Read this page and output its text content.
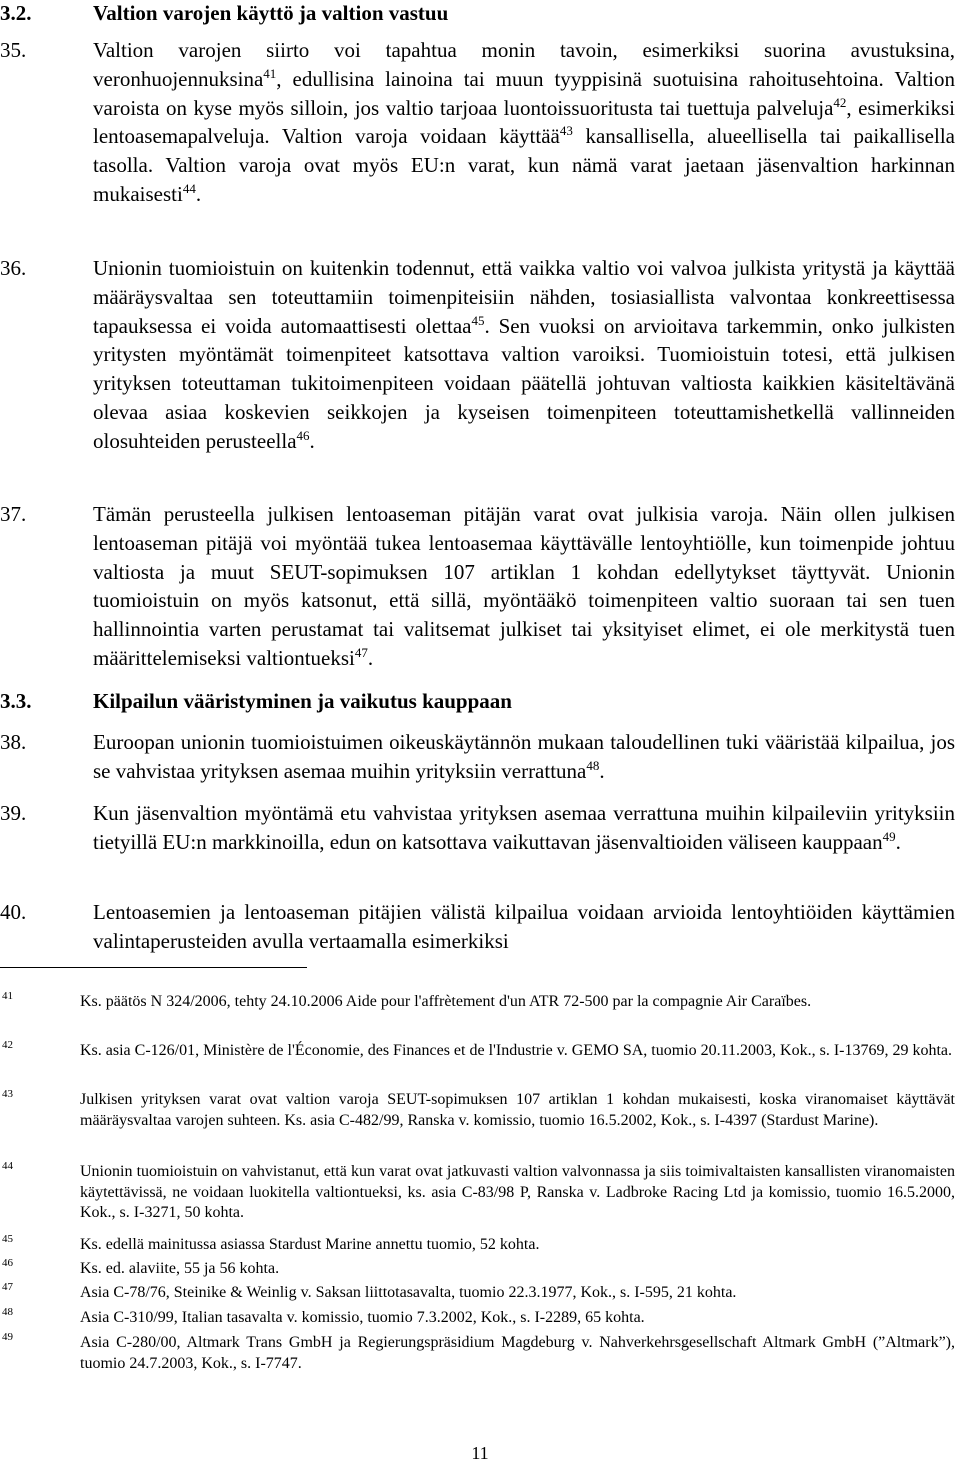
3.2.	Valtion varojen käyttö ja valtion vastuu
35.	Valtion varojen siirto voi tapahtua monin tavoin, esimerkiksi suorina avustuksina, veronhuojennuksina$^{41}$, edullisina lainoina tai muun tyyppisinä suotuisina rahoitusehtoina. Valtion varoista on kyse myös silloin, jos valtio tarjoaa luontoissuoritusta tai tuettuja palveluja$^{42}$, esimerkiksi lentoasemapalveluja. Valtion varoja voidaan käyttää$^{43}$ kansallisella, alueellisella tai paikallisella tasolla. Valtion varoja ovat myös EU:n varat, kun nämä varat jaetaan jäsenvaltion harkinnan mukaisesti$^{44}$.
36.	Unionin tuomioistuin on kuitenkin todennut, että vaikka valtio voi valvoa julkista yritystä ja käyttää määräysvaltaa sen toteuttamiin toimenpiteisiin nähden, tosiasiallista valvontaa konkreettisessa tapauksessa ei voida automaattisesti olettaa$^{45}$. Sen vuoksi on arvioitava tarkemmin, onko julkisten yritysten myöntämät toimenpiteet katsottava valtion varoiksi. Tuomioistuin totesi, että julkisen yrityksen toteuttaman tukitoimenpiteen voidaan päätellä johtuvan valtiosta kaikkien käsiteltävänä olevaa asiaa koskevien seikkojen ja kyseisen toimenpiteen toteuttamishetkellä vallinneiden olosuhteiden perusteella$^{46}$.
37.	Tämän perusteella julkisen lentoaseman pitäjän varat ovat julkisia varoja. Näin ollen julkisen lentoaseman pitäjä voi myöntää tukea lentoasemaa käyttävälle lentoyhtiölle, kun toimenpide johtuu valtiosta ja muut SEUT-sopimuksen 107 artiklan 1 kohdan edellytykset täyttyvät. Unionin tuomioistuin on myös katsonut, että sillä, myöntääkö toimenpiteen valtio suoraan tai sen tuen hallinnointia varten perustamat tai valitsemat julkiset tai yksityiset elimet, ei ole merkitystä tuen määrittelemiseksi valtiontueksi$^{47}$.
3.3.	Kilpailun vääristyminen ja vaikutus kauppaan
38.	Euroopan unionin tuomioistuimen oikeuskäytännön mukaan taloudellinen tuki vääristää kilpailua, jos se vahvistaa yrityksen asemaa muihin yrityksiin verrattuna$^{48}$.
39.	Kun jäsenvaltion myöntämä etu vahvistaa yrityksen asemaa verrattuna muihin kilpaileviin yrityksiin tietyillä EU:n markkinoilla, edun on katsottava vaikuttavan jäsenvaltioiden väliseen kauppaan$^{49}$.
40.	Lentoasemien ja lentoaseman pitäjien välistä kilpailua voidaan arvioida lentoyhtiöiden käyttämien valintaperusteiden avulla vertaamalla esimerkiksi
41	Ks. päätös N 324/2006, tehty 24.10.2006 Aide pour l'affrètement d'un ATR 72-500 par la compagnie Air Caraïbes.
42	Ks. asia C-126/01, Ministère de l'Économie, des Finances et de l'Industrie v. GEMO SA, tuomio 20.11.2003, Kok., s. I-13769, 29 kohta.
43	Julkisen yrityksen varat ovat valtion varoja SEUT-sopimuksen 107 artiklan 1 kohdan mukaisesti, koska viranomaiset käyttävät määräysvaltaa varojen suhteen. Ks. asia C-482/99, Ranska v. komissio, tuomio 16.5.2002, Kok., s. I-4397 (Stardust Marine).
44	Unionin tuomioistuin on vahvistanut, että kun varat ovat jatkuvasti valtion valvonnassa ja siis toimivaltaisten kansallisten viranomaisten käytettävissä, ne voidaan luokitella valtiontueksi, ks. asia C-83/98 P, Ranska v. Ladbroke Racing Ltd ja komissio, tuomio 16.5.2000, Kok., s. I-3271, 50 kohta.
45	Ks. edellä mainitussa asiassa Stardust Marine annettu tuomio, 52 kohta.
46	Ks. ed. alaviite, 55 ja 56 kohta.
47	Asia C-78/76, Steinike & Weinlig v. Saksan liittotasavalta, tuomio 22.3.1977, Kok., s. I-595, 21 kohta.
48	Asia C-310/99, Italian tasavalta v. komissio, tuomio 7.3.2002, Kok., s. I-2289, 65 kohta.
49	Asia C-280/00, Altmark Trans GmbH ja Regierungspräsidium Magdeburg v. Nahverkehrsgesellschaft Altmark GmbH (”Altmark”), tuomio 24.7.2003, Kok., s. I-7747.
11
